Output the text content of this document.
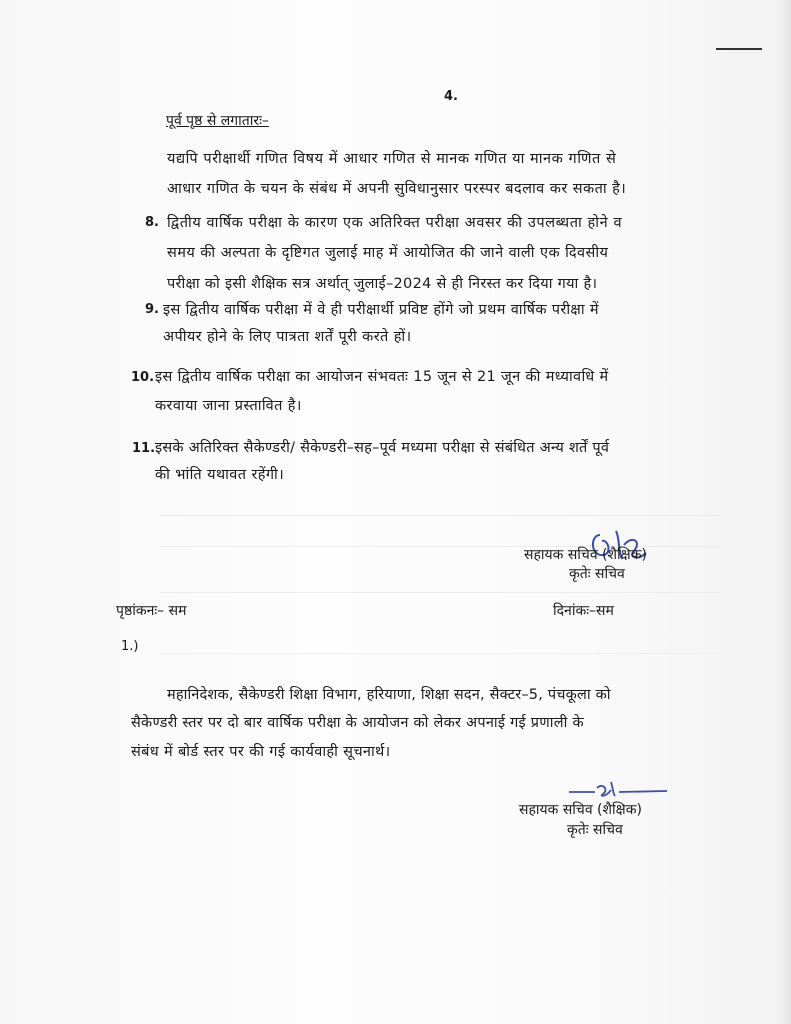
4.
पूर्व पृष्ठ से लगातारः–
यद्यपि परीक्षार्थी गणित विषय में आधार गणित से मानक गणित या मानक गणित से
आधार गणित के चयन के संबंध में अपनी सुविधानुसार परस्पर बदलाव कर सकता है।
8. द्वितीय वार्षिक परीक्षा के कारण एक अतिरिक्त परीक्षा अवसर की उपलब्धता होने व
समय की अल्पता के दृष्टिगत जुलाई माह में आयोजित की जाने वाली एक दिवसीय
परीक्षा को इसी शैक्षिक सत्र अर्थात् जुलाई–2024 से ही निरस्त कर दिया गया है।
9. इस द्वितीय वार्षिक परीक्षा में वे ही परीक्षार्थी प्रविष्ट होंगे जो प्रथम वार्षिक परीक्षा में
अपीयर होने के लिए पात्रता शर्तें पूरी करते हों।
10. इस द्वितीय वार्षिक परीक्षा का आयोजन संभवतः 15 जून से 21 जून की मध्यावधि में
करवाया जाना प्रस्तावित है।
11. इसके अतिरिक्त सैकेण्डरी/ सैकेण्डरी–सह–पूर्व मध्यमा परीक्षा से संबंधित अन्य शर्तें पूर्व
की भांति यथावत रहेंगी।
सहायक सचिव (शैक्षिक)
कृतेः सचिव
पृष्ठांकनः– सम	दिनांकः–सम
1.)
महानिदेशक, सैकेण्डरी शिक्षा विभाग, हरियाणा, शिक्षा सदन, सैक्टर–5, पंचकूला को
सैकेण्डरी स्तर पर दो बार वार्षिक परीक्षा के आयोजन को लेकर अपनाई गई प्रणाली के
संबंध में बोर्ड स्तर पर की गई कार्यवाही सूचनार्थ।
सहायक सचिव (शैक्षिक)
कृतेः सचिव
